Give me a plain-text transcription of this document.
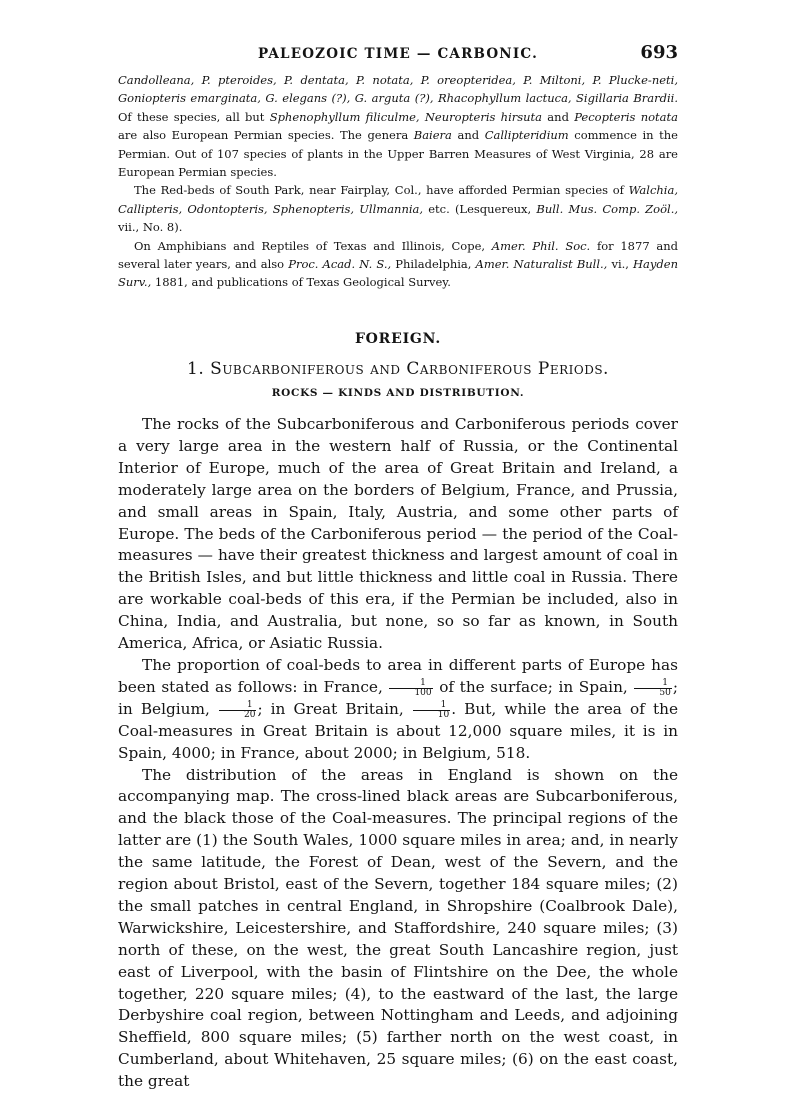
PALEOZOIC TIME — CARBONIC.	693

Candolleana, P. pteroides, P. dentata, P. notata, P. oreopteridea, P. Miltoni, P. Plucke-neti, Goniopteris emarginata, G. elegans (?), G. arguta (?), Rhacophyllum lactuca, Sigillaria Brardii. Of these species, all but Sphenophyllum filiculme, Neuropteris hirsuta and Pecopteris notata are also European Permian species. The genera Baiera and Callipteridium commence in the Permian. Out of 107 species of plants in the Upper Barren Measures of West Virginia, 28 are European Permian species.

The Red-beds of South Park, near Fairplay, Col., have afforded Permian species of Walchia, Callipteris, Odontopteris, Sphenopteris, Ullmannia, etc. (Lesquereux, Bull. Mus. Comp. Zoöl., vii., No. 8).

On Amphibians and Reptiles of Texas and Illinois, Cope, Amer. Phil. Soc. for 1877 and several later years, and also Proc. Acad. N. S., Philadelphia, Amer. Naturalist Bull., vi., Hayden Surv., 1881, and publications of Texas Geological Survey.

FOREIGN.
1. Subcarboniferous and Carboniferous Periods.
ROCKS — KINDS AND DISTRIBUTION.

The rocks of the Subcarboniferous and Carboniferous periods cover a very large area in the western half of Russia, or the Continental Interior of Europe, much of the area of Great Britain and Ireland, a moderately large area on the borders of Belgium, France, and Prussia, and small areas in Spain, Italy, Austria, and some other parts of Europe. The beds of the Carboniferous period — the period of the Coal-measures — have their greatest thickness and largest amount of coal in the British Isles, and but little thickness and little coal in Russia. There are workable coal-beds of this era, if the Permian be included, also in China, India, and Australia, but none, so so far as known, in South America, Africa, or Asiatic Russia.

The proportion of coal-beds to area in different parts of Europe has been stated as follows: in France, $\frac{1}{100}$ of the surface; in Spain, $\frac{1}{50}$ ; in Belgium, $\frac{1}{20}$ ; in Great Britain, $\frac{1}{10}$ . But, while the area of the Coal-measures in Great Britain is about 12,000 square miles, it is in Spain, 4000; in France, about 2000; in Belgium, 518.

The distribution of the areas in England is shown on the accompanying map. The cross-lined black areas are Subcarboniferous, and the black those of the Coal-measures. The principal regions of the latter are (1) the South Wales, 1000 square miles in area; and, in nearly the same latitude, the Forest of Dean, west of the Severn, and the region about Bristol, east of the Severn, together 184 square miles; (2) the small patches in central England, in Shropshire (Coalbrook Dale), Warwickshire, Leicestershire, and Staffordshire, 240 square miles; (3) north of these, on the west, the great South Lancashire region, just east of Liverpool, with the basin of Flintshire on the Dee, the whole together, 220 square miles; (4), to the eastward of the last, the large Derbyshire coal region, between Nottingham and Leeds, and adjoining Sheffield, 800 square miles; (5) farther north on the west coast, in Cumberland, about Whitehaven, 25 square miles; (6) on the east coast, the great
